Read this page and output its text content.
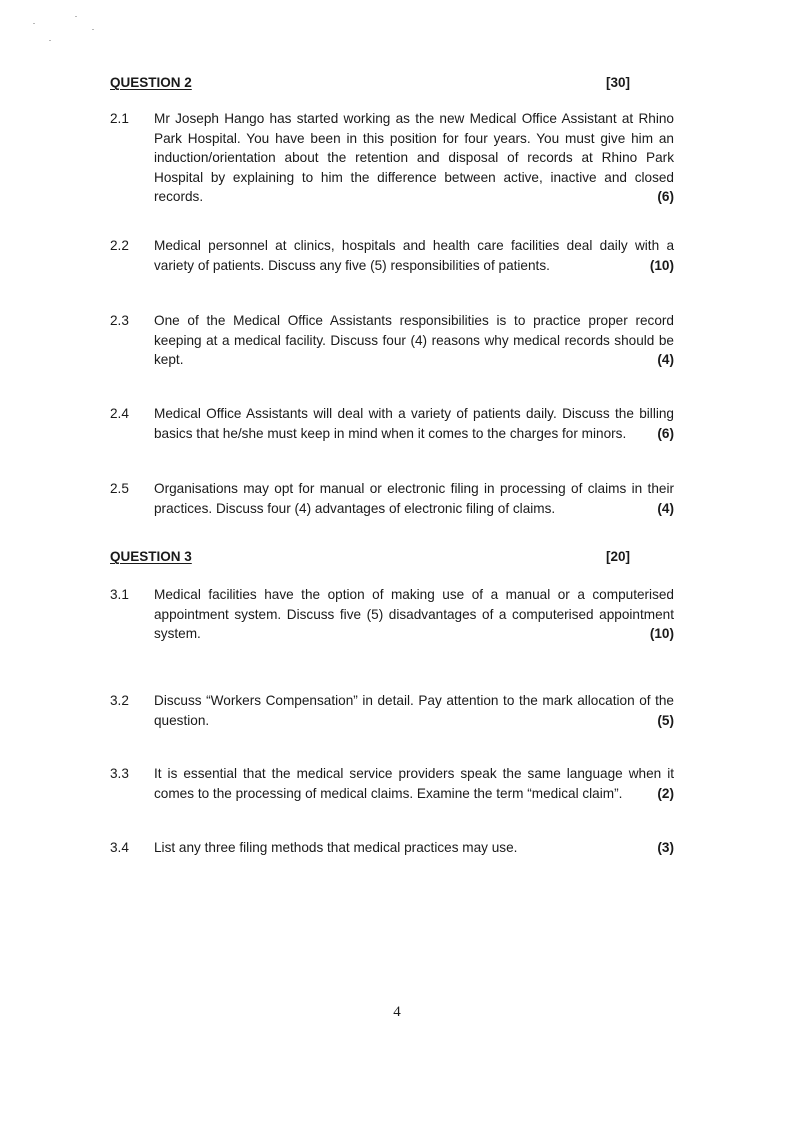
QUESTION 2	[30]
2.1	Mr Joseph Hango has started working as the new Medical Office Assistant at Rhino Park Hospital. You have been in this position for four years. You must give him an induction/orientation about the retention and disposal of records at Rhino Park Hospital by explaining to him the difference between active, inactive and closed records.	(6)
2.2	Medical personnel at clinics, hospitals and health care facilities deal daily with a variety of patients. Discuss any five (5) responsibilities of patients.	(10)
2.3	One of the Medical Office Assistants responsibilities is to practice proper record keeping at a medical facility. Discuss four (4) reasons why medical records should be kept.	(4)
2.4	Medical Office Assistants will deal with a variety of patients daily. Discuss the billing basics that he/she must keep in mind when it comes to the charges for minors. (6)
2.5	Organisations may opt for manual or electronic filing in processing of claims in their practices. Discuss four (4) advantages of electronic filing of claims.	(4)
QUESTION 3	[20]
3.1	Medical facilities have the option of making use of a manual or a computerised appointment system. Discuss five (5) disadvantages of a computerised appointment system.	(10)
3.2	Discuss “Workers Compensation” in detail. Pay attention to the mark allocation of the question.	(5)
3.3	It is essential that the medical service providers speak the same language when it comes to the processing of medical claims. Examine the term “medical claim”.	(2)
3.4	List any three filing methods that medical practices may use.	(3)
4
